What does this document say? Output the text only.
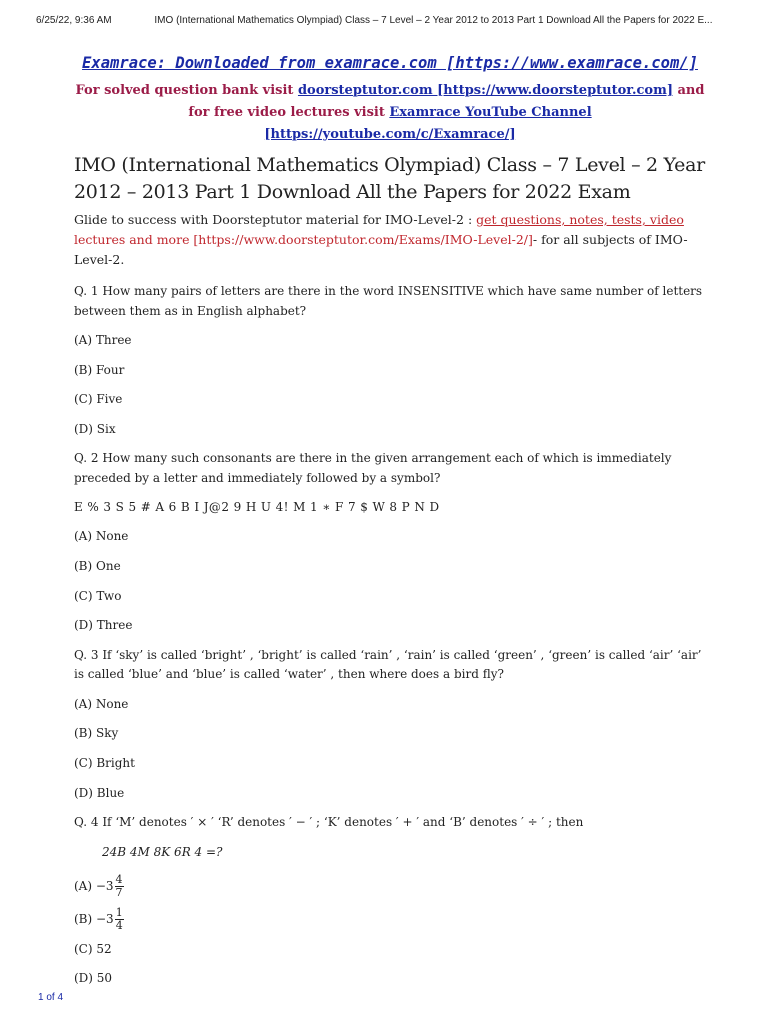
6/25/22, 9:36 AM	IMO (International Mathematics Olympiad) Class – 7 Level – 2 Year 2012 to 2013 Part 1 Download All the Papers for 2022 E...
Examrace: Downloaded from examrace.com [https://www.examrace.com/]
For solved question bank visit doorsteptutor.com [https://www.doorsteptutor.com] and for free video lectures visit Examrace YouTube Channel [https://youtube.com/c/Examrace/]
IMO (International Mathematics Olympiad) Class – 7 Level – 2 Year 2012 – 2013 Part 1 Download All the Papers for 2022 Exam

Glide to success with Doorsteptutor material for IMO-Level-2 : get questions, notes, tests, video lectures and more [https://www.doorsteptutor.com/Exams/IMO-Level-2/]- for all subjects of IMO-Level-2.

Q. 1 How many pairs of letters are there in the word INSENSITIVE which have same number of letters between them as in English alphabet?

(A) Three

(B) Four

(C) Five

(D) Six

Q. 2 How many such consonants are there in the given arrangement each of which is immediately preceded by a letter and immediately followed by a symbol?

E % 3 S 5 # A 6 B I J@2 9 H U 4! M 1 ∗ F 7 $ W 8 P N D

(A) None

(B) One

(C) Two

(D) Three

Q. 3 If ‘sky’ is called ‘bright’ , ‘bright’ is called ‘rain’ , ‘rain’ is called ‘green’ , ‘green’ is called ‘air’ ‘air’ is called ‘blue’ and ‘blue’ is called ‘water’ , then where does a bird fly?

(A) None

(B) Sky

(C) Bright

(D) Blue

Q. 4 If ‘M’ denotes ′ × ′ ‘R’ denotes ′ − ′ ; ‘K’ denotes ′ + ′ and ‘B’ denotes ′ ÷ ′ ; then

24B 4M 8K 6R 4 =?

$(A) -3 \frac{4}{7}$

$(B) -3 \frac{1}{4}$

(C) 52

(D) 50

1 of 4
